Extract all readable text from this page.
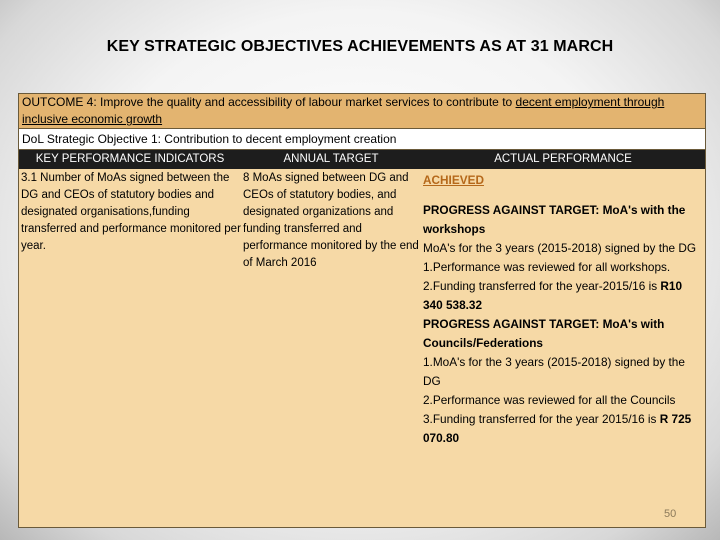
KEY STRATEGIC OBJECTIVES ACHIEVEMENTS AS AT 31 MARCH
OUTCOME 4: Improve the quality and accessibility of labour market services to contribute to decent employment through inclusive economic growth
DoL Strategic Objective 1: Contribution to decent employment creation
KEY PERFORMANCE INDICATORS	ANNUAL TARGET	ACTUAL PERFORMANCE
3.1 Number of MoAs signed between the DG and CEOs of statutory bodies and designated organisations,funding transferred and performance monitored per year.
8 MoAs signed between DG and CEOs of statutory bodies, and designated organizations and funding transferred and performance monitored by the end of March 2016
ACHIEVED
PROGRESS AGAINST TARGET: MoA's with the workshops
MoA's for the 3 years (2015-2018) signed by the DG
1.Performance was reviewed for all workshops.
2.Funding transferred for the year-2015/16 is R10 340 538.32
PROGRESS AGAINST TARGET: MoA's with Councils/Federations
1.MoA's for the 3 years (2015-2018) signed by the DG
2.Performance was reviewed for all the Councils
3.Funding transferred for the year 2015/16 is R 725 070.80
50
